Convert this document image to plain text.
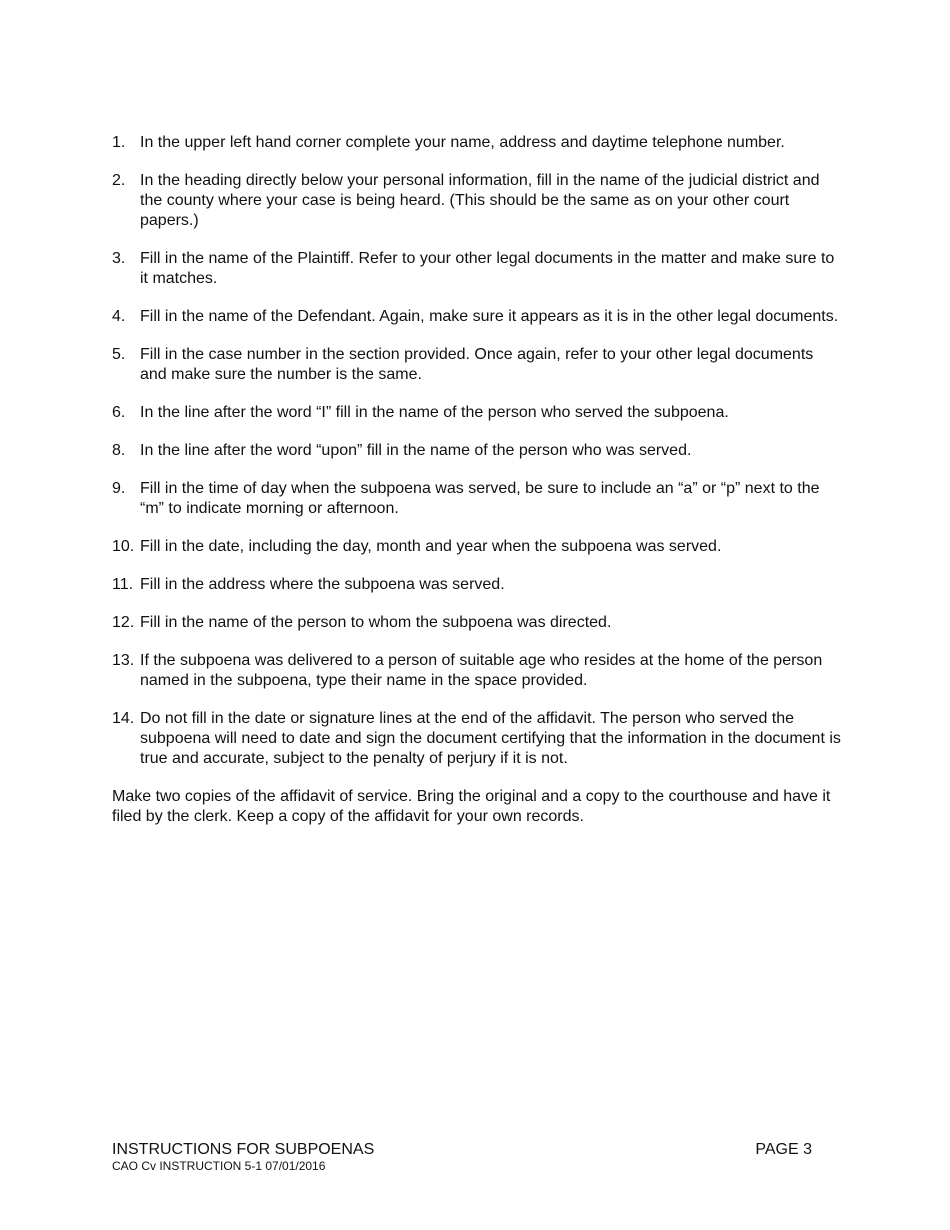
1. In the upper left hand corner complete your name, address and daytime telephone number.
2. In the heading directly below your personal information, fill in the name of the judicial district and the county where your case is being heard. (This should be the same as on your other court papers.)
3. Fill in the name of the Plaintiff. Refer to your other legal documents in the matter and make sure to it matches.
4. Fill in the name of the Defendant. Again, make sure it appears as it is in the other legal documents.
5. Fill in the case number in the section provided. Once again, refer to your other legal documents and make sure the number is the same.
6. In the line after the word “I” fill in the name of the person who served the subpoena.
8. In the line after the word “upon” fill in the name of the person who was served.
9. Fill in the time of day when the subpoena was served, be sure to include an “a” or “p” next to the “m” to indicate morning or afternoon.
10. Fill in the date, including the day, month and year when the subpoena was served.
11. Fill in the address where the subpoena was served.
12. Fill in the name of the person to whom the subpoena was directed.
13. If the subpoena was delivered to a person of suitable age who resides at the home of the person named in the subpoena, type their name in the space provided.
14. Do not fill in the date or signature lines at the end of the affidavit. The person who served the subpoena will need to date and sign the document certifying that the information in the document is true and accurate, subject to the penalty of perjury if it is not.

Make two copies of the affidavit of service. Bring the original and a copy to the courthouse and have it filed by the clerk. Keep a copy of the affidavit for your own records.

INSTRUCTIONS FOR SUBPOENAS
CAO Cv INSTRUCTION 5-1 07/01/2016
PAGE 3
